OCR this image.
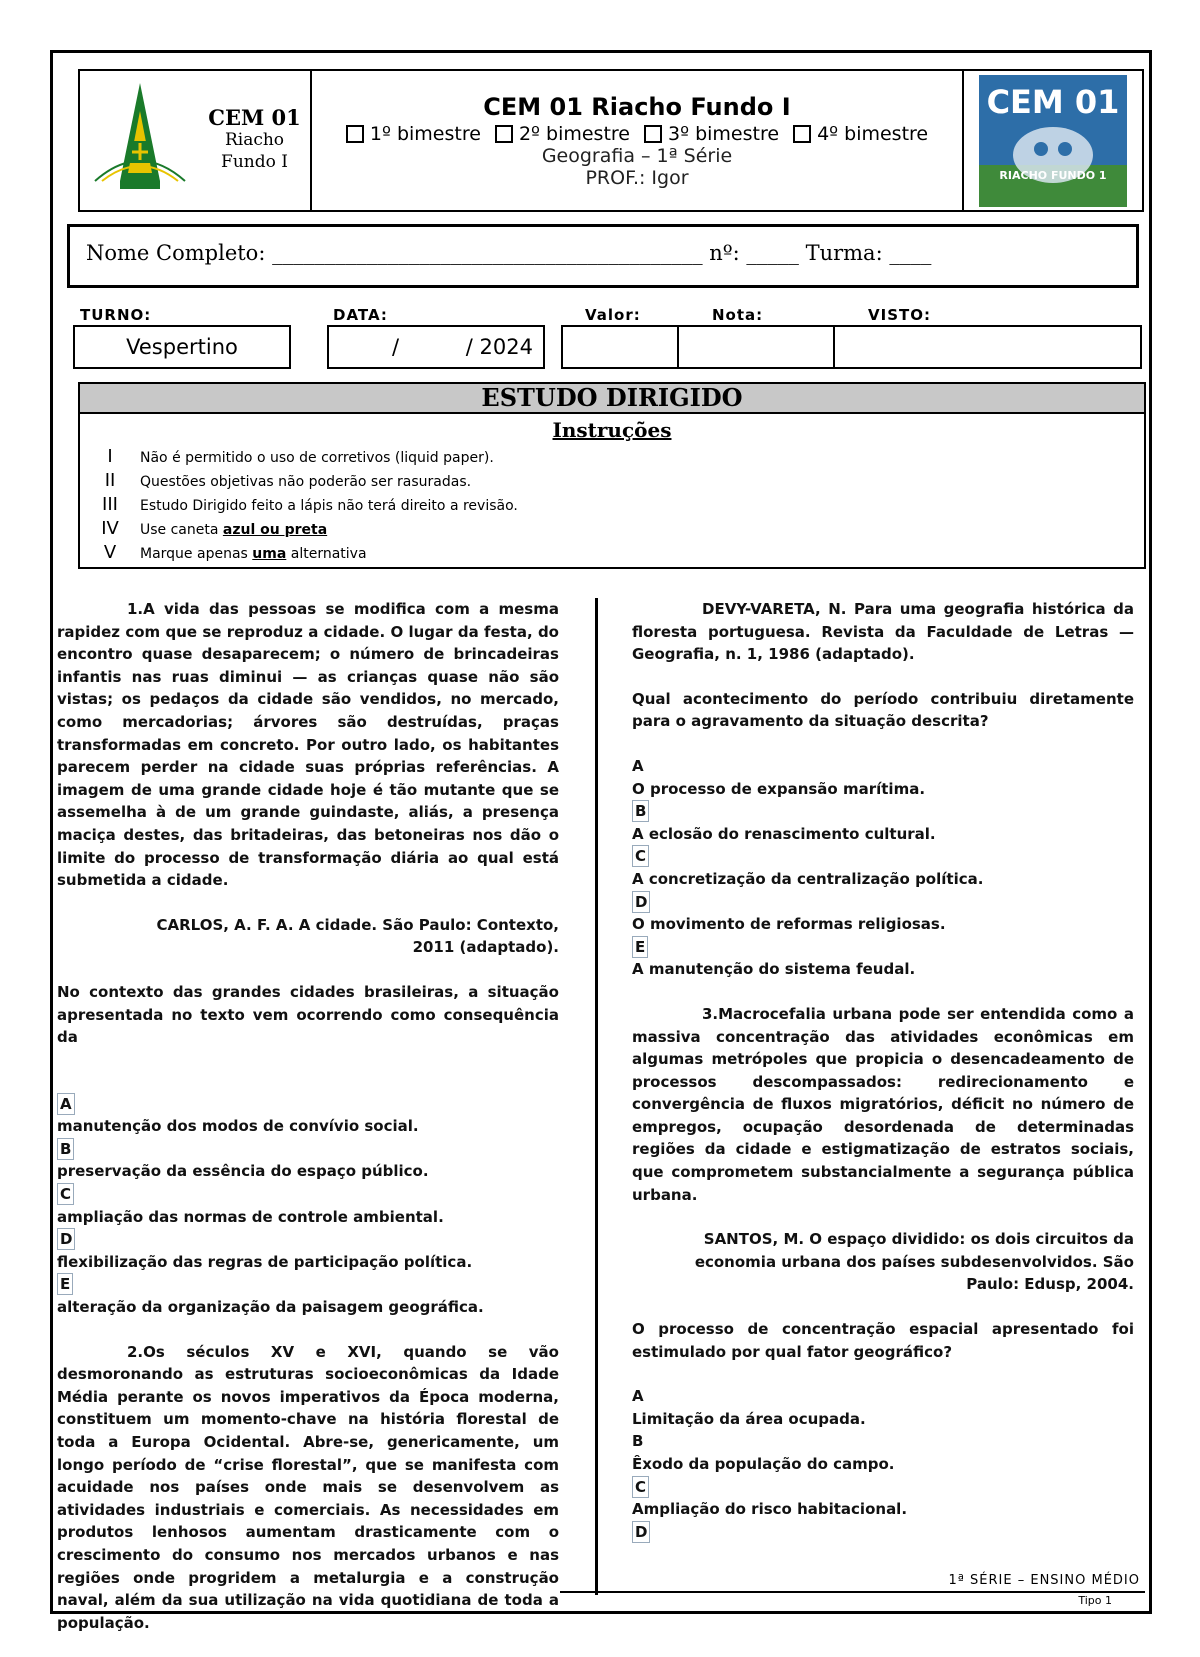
CEM 01
Riacho
Fundo I
CEM 01 Riacho Fundo I
1º bimestre 2º bimestre 3º bimestre 4º bimestre
Geografia – 1ª Série
PROF.: Igor
CEM 01
RIACHO FUNDO 1
Nome Completo: _________________________________________ nº: _____ Turma: ____
TURNO:	DATA:	Valor:	Nota:	VISTO:
Vespertino	/          / 2024
ESTUDO DIRIGIDO
Instruções
I Não é permitido o uso de corretivos (liquid paper).
II Questões objetivas não poderão ser rasuradas.
III Estudo Dirigido feito a lápis não terá direito a revisão.
IV Use caneta azul ou preta
V Marque apenas uma alternativa

1.A vida das pessoas se modifica com a mesma rapidez com que se reproduz a cidade. O lugar da festa, do encontro quase desaparecem; o número de brincadeiras infantis nas ruas diminui — as crianças quase não são vistas; os pedaços da cidade são vendidos, no mercado, como mercadorias; árvores são destruídas, praças transformadas em concreto. Por outro lado, os habitantes parecem perder na cidade suas próprias referências. A imagem de uma grande cidade hoje é tão mutante que se assemelha à de um grande guindaste, aliás, a presença maciça destes, das britadeiras, das betoneiras nos dão o limite do processo de transformação diária ao qual está submetida a cidade.

CARLOS, A. F. A. A cidade. São Paulo: Contexto, 2011 (adaptado).

No contexto das grandes cidades brasileiras, a situação apresentada no texto vem ocorrendo como consequência da

A
manutenção dos modos de convívio social.
B
preservação da essência do espaço público.
C
ampliação das normas de controle ambiental.
D
flexibilização das regras de participação política.
E
alteração da organização da paisagem geográfica.

2.Os séculos XV e XVI, quando se vão desmoronando as estruturas socioeconômicas da Idade Média perante os novos imperativos da Época moderna, constituem um momento-chave na história florestal de toda a Europa Ocidental. Abre-se, genericamente, um longo período de “crise florestal”, que se manifesta com acuidade nos países onde mais se desenvolvem as atividades industriais e comerciais. As necessidades em produtos lenhosos aumentam drasticamente com o crescimento do consumo nos mercados urbanos e nas regiões onde progridem a metalurgia e a construção naval, além da sua utilização na vida quotidiana de toda a população.

DEVY-VARETA, N. Para uma geografia histórica da floresta portuguesa. Revista da Faculdade de Letras — Geografia, n. 1, 1986 (adaptado).

Qual acontecimento do período contribuiu diretamente para o agravamento da situação descrita?

A
O processo de expansão marítima.
B
A eclosão do renascimento cultural.
C
A concretização da centralização política.
D
O movimento de reformas religiosas.
E
A manutenção do sistema feudal.

3.Macrocefalia urbana pode ser entendida como a massiva concentração das atividades econômicas em algumas metrópoles que propicia o desencadeamento de processos descompassados: redirecionamento e convergência de fluxos migratórios, déficit no número de empregos, ocupação desordenada de determinadas regiões da cidade e estigmatização de estratos sociais, que comprometem substancialmente a segurança pública urbana.

SANTOS, M. O espaço dividido: os dois circuitos da economia urbana dos países subdesenvolvidos. São Paulo: Edusp, 2004.

O processo de concentração espacial apresentado foi estimulado por qual fator geográfico?

A
Limitação da área ocupada.
B
Êxodo da população do campo.
C
Ampliação do risco habitacional.
D
1ª SÉRIE – ENSINO MÉDIO
Tipo 1
